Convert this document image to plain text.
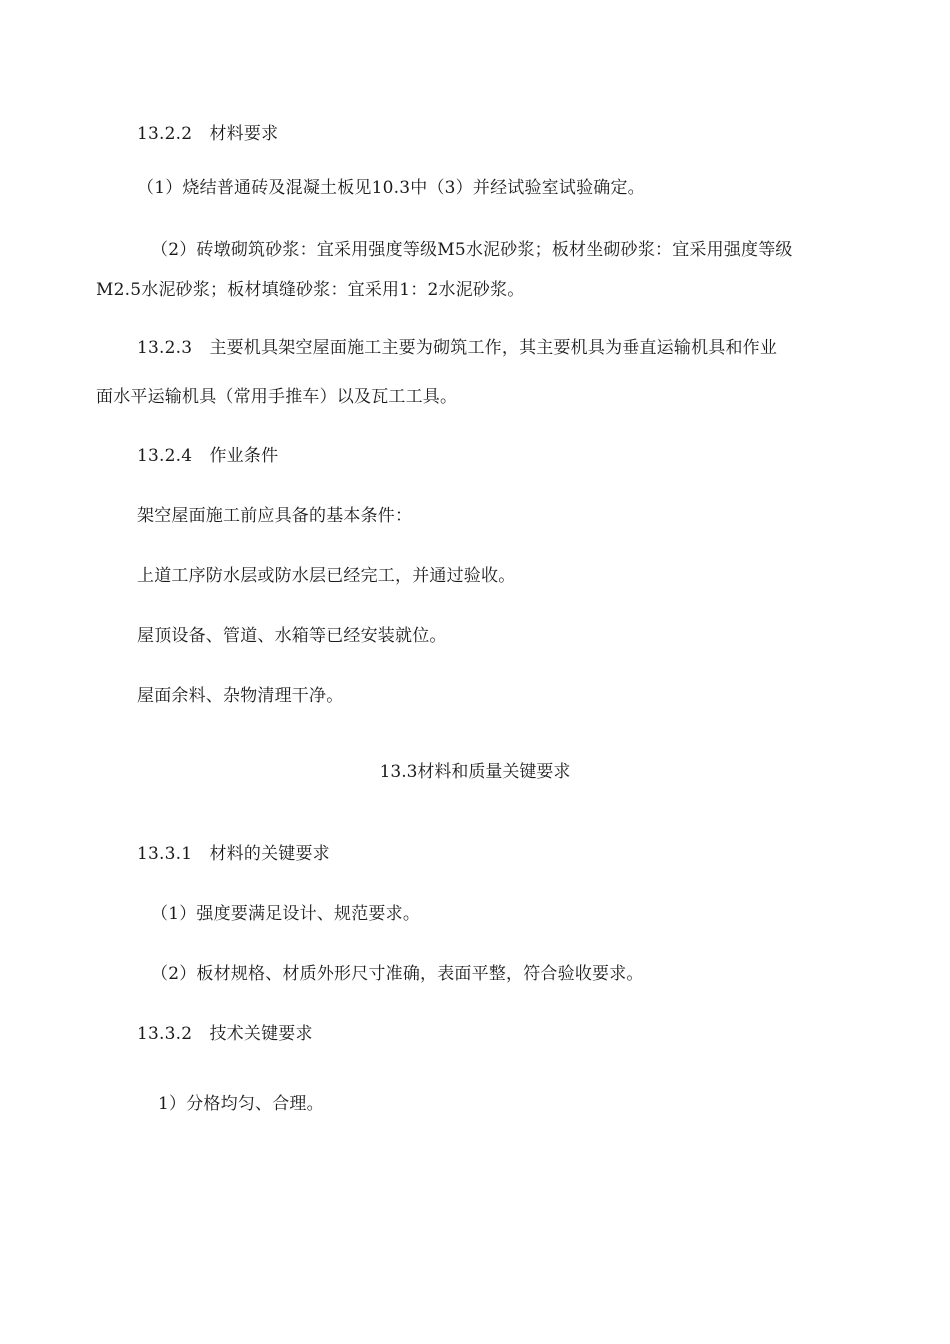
13.2.2　材料要求
（1）烧结普通砖及混凝土板见10.3中（3）并经试验室试验确定。
（2）砖墩砌筑砂浆：宜采用强度等级M5水泥砂浆；板材坐砌砂浆：宜采用强度等级
M2.5水泥砂浆；板材填缝砂浆：宜采用1：2水泥砂浆。
13.2.3　主要机具架空屋面施工主要为砌筑工作，其主要机具为垂直运输机具和作业
面水平运输机具（常用手推车）以及瓦工工具。
13.2.4　作业条件
架空屋面施工前应具备的基本条件：
上道工序防水层或防水层已经完工，并通过验收。
屋顶设备、管道、水箱等已经安装就位。
屋面余料、杂物清理干净。
13.3材料和质量关键要求
13.3.1　材料的关键要求
（1）强度要满足设计、规范要求。
（2）板材规格、材质外形尺寸准确，表面平整，符合验收要求。
13.3.2　技术关键要求
1）分格均匀、合理。
